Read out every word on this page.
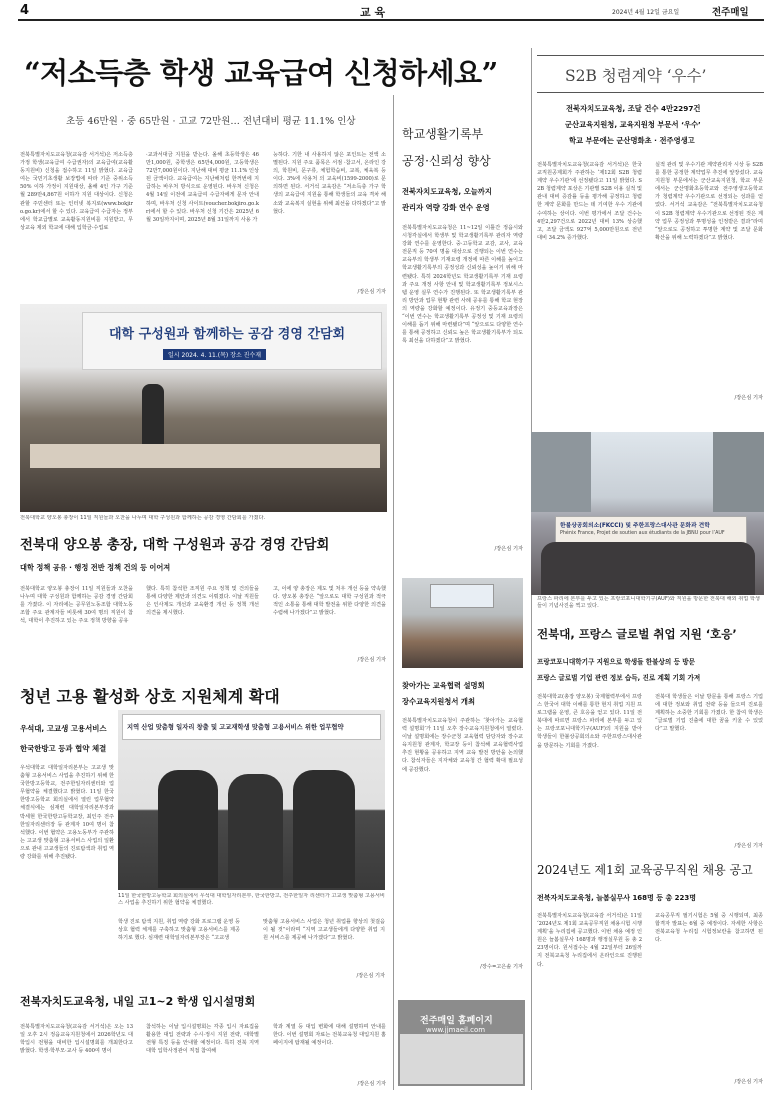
4	교 육	2024년 4월 12일 금요일	전주매일
“저소득층 학생 교육급여 신청하세요”
초등 46만원 · 중 65만원 · 고교 72만원… 전년대비 평균 11.1% 인상
전북특별자치도교육청(교육감 서거석)은 저소득층 가정 학생(교육급여 수급권자)의 교육급여(교육활동지원비) 신청을 접수하고 11일 밝혔다. 교육급여는 국민기초생활 보장법에 따라 기준 중위소득 50% 이하 가정이 지원대상, 올해 4인 가구 기준 월 289만4,867원 이하가 지원 대상이다. 신청은 관할 주민센터 또는 인터넷 복지로(www.bokjiro.go.kr)에서 할 수 있다. 교육급여 수급자는 정부에서 학교급별로 교육활동지원비를 지원받고, 무상교육 제외 학교에 대해 입학금·수업료
·교과서대금 지원을 받는다. 올해 초등학생은 46만1,000원, 중학생은 65만4,000원, 고등학생은 72만7,000원이다. 지난해 대비 평균 11.1% 인상된 금액이다. 교육급여는 지난해처럼 한꺼번에 지급하는 바우처 방식으로 운영된다. 바우처 신청은 4월 14일 이전에 교육급여 수급자에게 문자 안내하며, 바우처 신청 사이트(voucher.bokjiro.go.kr)에서 할 수 있다. 바우처 신청 기간은 2025년 6월 30일까지이며, 2025년 8월 31일까지 사용 가
능하다. 기한 내 사용하지 않은 포인트는 전액 소멸된다. 지원 주요 품목은 서점 ·참고서, 온라인 강의, 학원비, 문구류, 체험학습비, 교복, 체육복 등이다. 3%에 사용처 의 교육비(1599-2000)로 문의하면 된다. 서거석 교육감은 “저소득층 가구 학생의 교육급여 지원을 통해 학생들의 교육 격차 해소와 교육복지 실현을 위해 최선을 다하겠다”고 밝혔다.
/장은심 기자
대학 구성원과 함께하는 공감 경영 간담회
일시 2024. 4. 11.(목) 장소 진수재
전북대학교 양오봉 총장이 11일 직원들과 오찬을 나누며 대학 구성원과 함께하는 공감 경영 간담회를 가졌다.
전북대 양오봉 총장, 대학 구성원과 공감 경영 간담회
대학 정책 공유 · 행정 전반 정책 건의 등 이어져
전북대학교 양오봉 총장이 11일 직원들과 오찬을 나누며 대학 구성원과 함께하는 공감 경영 간담회를 가졌다. 이 자리에는 공무원노동조합 대학노동조합 주요 관계자들 비롯해 30여 명의 직원이 참석, 대학이 추진하고 있는 주요 정책 방향을 공유
했다. 특히 참석한 조직원 주요 정책 및 건의들을 통해 다양한 제안과 의견도 이뤄졌다. 이날 직원들은 인사제도 개선과 교육환경 개선 등 정책 개선 의견을 제시했다.
고, 이에 양 총장은 제도 및 처우 개선 등을 약속했다. 양오봉 총장은 “앞으로도 대학 구성원과 적극적인 소통을 통해 대학 발전을 위한 다양한 의견을 수렴해 나가겠다”고 밝혔다.
/장은심 기자
청년 고용 활성화 상호 지원체계 확대
우석대, 고교생 고용서비스
한국한방고 등과 협약 체결
우석대학교 대학일자리본부는 고교생 맞춤형 고용서비스 사업을 추진하기 위해 한국한방고등학교, 전주한일자리센터와 업무협약을 체결했다고 밝혔다. 11일 한국한방고등학교 회의실에서 열린 업무협약 체결식에는 심재련 대학일자리본부장과 박세현 한국한방고등학교장, 최인주 전주한일자리센터장 등 관계자 10여 명이 참석했다. 이번 협약은 고용노동부가 주관하는 고교생 맞춤형 고용서비스 사업의 일환으로 관내 고교생들의 진로탐색과 취업 역량 강화를 위해 추진됐다.
지역 산업 맞춤형 일자리 창출 및 고교재학생 맞춤형 고용서비스 위한 업무협약
11일 한국한방고등학교 회의실에서 우석대 대학일자리본부, 한국한방고, 전주한일자 리센터가 고교생 맞춤형 고용서비스 사업을 추진하기 위한 협약을 체결했다.
학생 진로 탐색 지원, 취업 역량 강화 프로그램 운영 등 상호 협력 체계를 구축하고 맞춤형 고용서비스를 제공하기로 했다. 심재련 대학일자리본부장은 “고교생
맞춤형 고용서비스 사업은 청년 취업률 향상의 첫걸음이 될 것”이라며 “지역 고교생들에게 다양한 취업 지원 서비스를 제공해 나가겠다”고 밝혔다.
/장은심 기자
전북자치도교육청, 내일 고1~2 학생 입시설명회
전북특별자치도교육청(교육감 서거석)은 오는 13일 오후 2시 정읍교육지원청에서 2026학년도 대학입시 전형을 대비한 입시설명회를 개최한다고 밝혔다. 학생·학부모·교사 등 400여 명이
참석하는 이날 입시설명회는 각종 입시 자료집을 활용한 대입 전략과 수시·정시 지원 전략, 대학별 전형 특징 등을 안내할 예정이다. 특히 전북 지역 대학 입학사정관이 직접 참여해
학과 계열 등 대입 변화에 대해 설명하며 안내를 한다. 이번 설명회 자료는 전북교육청 대입지원 홈페이지에 탑재될 예정이다.
/장은심 기자
학교생활기록부
공정·신뢰성 향상
전북자치도교육청, 오늘까지
관리자 역량 강화 연수 운영
전북특별자치도교육청은 11~12일 이틀간 정읍시와 시청각실에서 학생부 및 학교생활기록부 관리자 역량 강화 연수를 운영한다. 중·고등학교 교감, 교사, 교육전문직 등 70여 명을 대상으로 진행되는 이번 연수는 교육부의 학생부 기재요령 개정에 따른 이해를 높이고 학교생활기록부의 공정성과 신뢰성을 높이기 위해 마련됐다. 특히 2024학년도 학교생활기록부 기재 요령과 주요 개정 사항 안내 및 학교생활기록부 정보시스템 운영 실무 연수가 진행된다. 또 학교생활기록부 관리 방안과 업무 현황 관련 사례 공유를 통해 학교 현장의 역량을 강화할 예정이다. 유정기 중등교육과장은 “이번 연수는 학교생활기록부 공정성 및 기재 요령의 이해를 돕기 위해 마련됐다”며 “앞으로도 다양한 연수를 통해 공정하고 신뢰도 높은 학교생활기록부가 되도록 최선을 다하겠다”고 밝혔다.
/장은심 기자
찾아가는 교육협력 설명회
장수교육지원청서 개최
전북특별자치도교육청이 주관하는 ‘찾아가는 교육협력 설명회’가 11일 오후 장수교육지원청에서 열렸다. 이날 설명회에는 장수군청 교육협력 담당자와 장수교육지원청 관계자, 학교장 등이 참석해 교육협력사업 추진 현황을 공유하고 지역 교육 발전 방안을 논의했다. 참석자들은 지자체와 교육청 간 협력 확대 필요성에 공감했다.
/장수=고은솔 기자
전주매일 홈페이지
www.jjmaeil.com
S2B 청렴계약 ‘우수’
전북자치도교육청, 조달 건수 4만2297건
군산교육지원청, 교육지원청 부문서 ‘우수’
학교 부문에는 군산명화초 · 전주영생고
전북특별자치도교육청(교육감 서거석)은 한국교직원공제회가 주관하는 ‘제12회 S2B 청렴계약 우수기관’에 선정됐다고 11일 밝혔다. S2B 청렴계약 포상은 기관별 S2B 이용 실적 및 관내 대비 증감률 등을 평가해 공정하고 청렴한 계약 문화를 만드는 데 기여한 우수 기관에 수여하는 상이다. 이번 평가에서 조달 건수는 4만2,297건으로 2022년 대비 13% 상승했고, 조달 금액도 927억 5,000만원으로 전년 대비 34.2% 증가했다.
실적 관리 및 우수기관 계약관리자 시상 등 S2B를 통한 공정한 계약업무 추진에 앞장섰다. 교육지원청 부문에서는 군산교육지원청, 학교 부문에서는 군산명화초등학교와 전주영생고등학교가 청렴계약 우수기관으로 선정되는 성과를 얻었다. 서거석 교육감은 “전북특별자치도교육청이 S2B 청렴계약 우수기관으로 선정된 것은 계약 업무 공정성과 투명성을 인정받은 결과”라며 “앞으로도 공정하고 투명한 계약 및 조달 문화 확산을 위해 노력하겠다”고 밝혔다.
/장은심 기자
한불상공회의소(FKCCI) 및 주한프랑스대사관 문화과 견학
Phénix France, Projet de soutien aux étudiants de la JBNU pour l’AUF
프랑스 파리에 본부를 두고 있는 프랑코포니대학기구(AUF)와 직원을 방문한 전북대 해외 취업 학생들이 기념사진을 찍고 있다.
전북대, 프랑스 글로벌 취업 지원 ‘호응’
프랑코포니대학기구 지원으로 학생들 한불상의 등 방문
프랑스 글로벌 기업 관련 정보 습득, 진로 계획 기회 가져
전북대학교(총장 양오봉) 국제협력부에서 프랑스 한국어 대학 이해를 통한 현지 취업 지원 프로그램을 운영, 큰 호응을 얻고 있다. 11일 전북대에 따르면 프랑스 파리에 본부를 두고 있는 프랑코포니대학기구(AUF)의 지원을 받아 학생들이 한불상공회의소와 주한프랑스대사관을 방문하는 기회를 가졌다.
전북대 학생들은 이날 방문을 통해 프랑스 기업에 대한 정보와 취업 전략 등을 들으며 진로를 계획하는 소중한 기회를 가졌다. 한 참여 학생은 “글로벌 기업 진출에 대한 꿈을 키울 수 있었다”고 말했다.
/장은심 기자
2024년도 제1회 교육공무직원 채용 공고
전북자치도교육청, 늘봄실무사 168명 등 총 223명
전북특별자치도교육청(교육감 서거석)은 11일 ‘2024년도 제1회 교육공무직원 채용시험 시행계획’을 누리집에 공고했다. 이번 채용 예정 인원은 늘봄실무사 168명과 행정실무원 등 총 223명이다. 원서접수는 4월 22일부터 26일까지 전북교육청 누리집에서 온라인으로 진행된다.
교육공무직 필기시험은 5월 중 시행되며, 최종 합격자 발표는 6월 중 예정이다. 자세한 사항은 전북교육청 누리집 시험정보란을 참고하면 된다.
/장은심 기자
